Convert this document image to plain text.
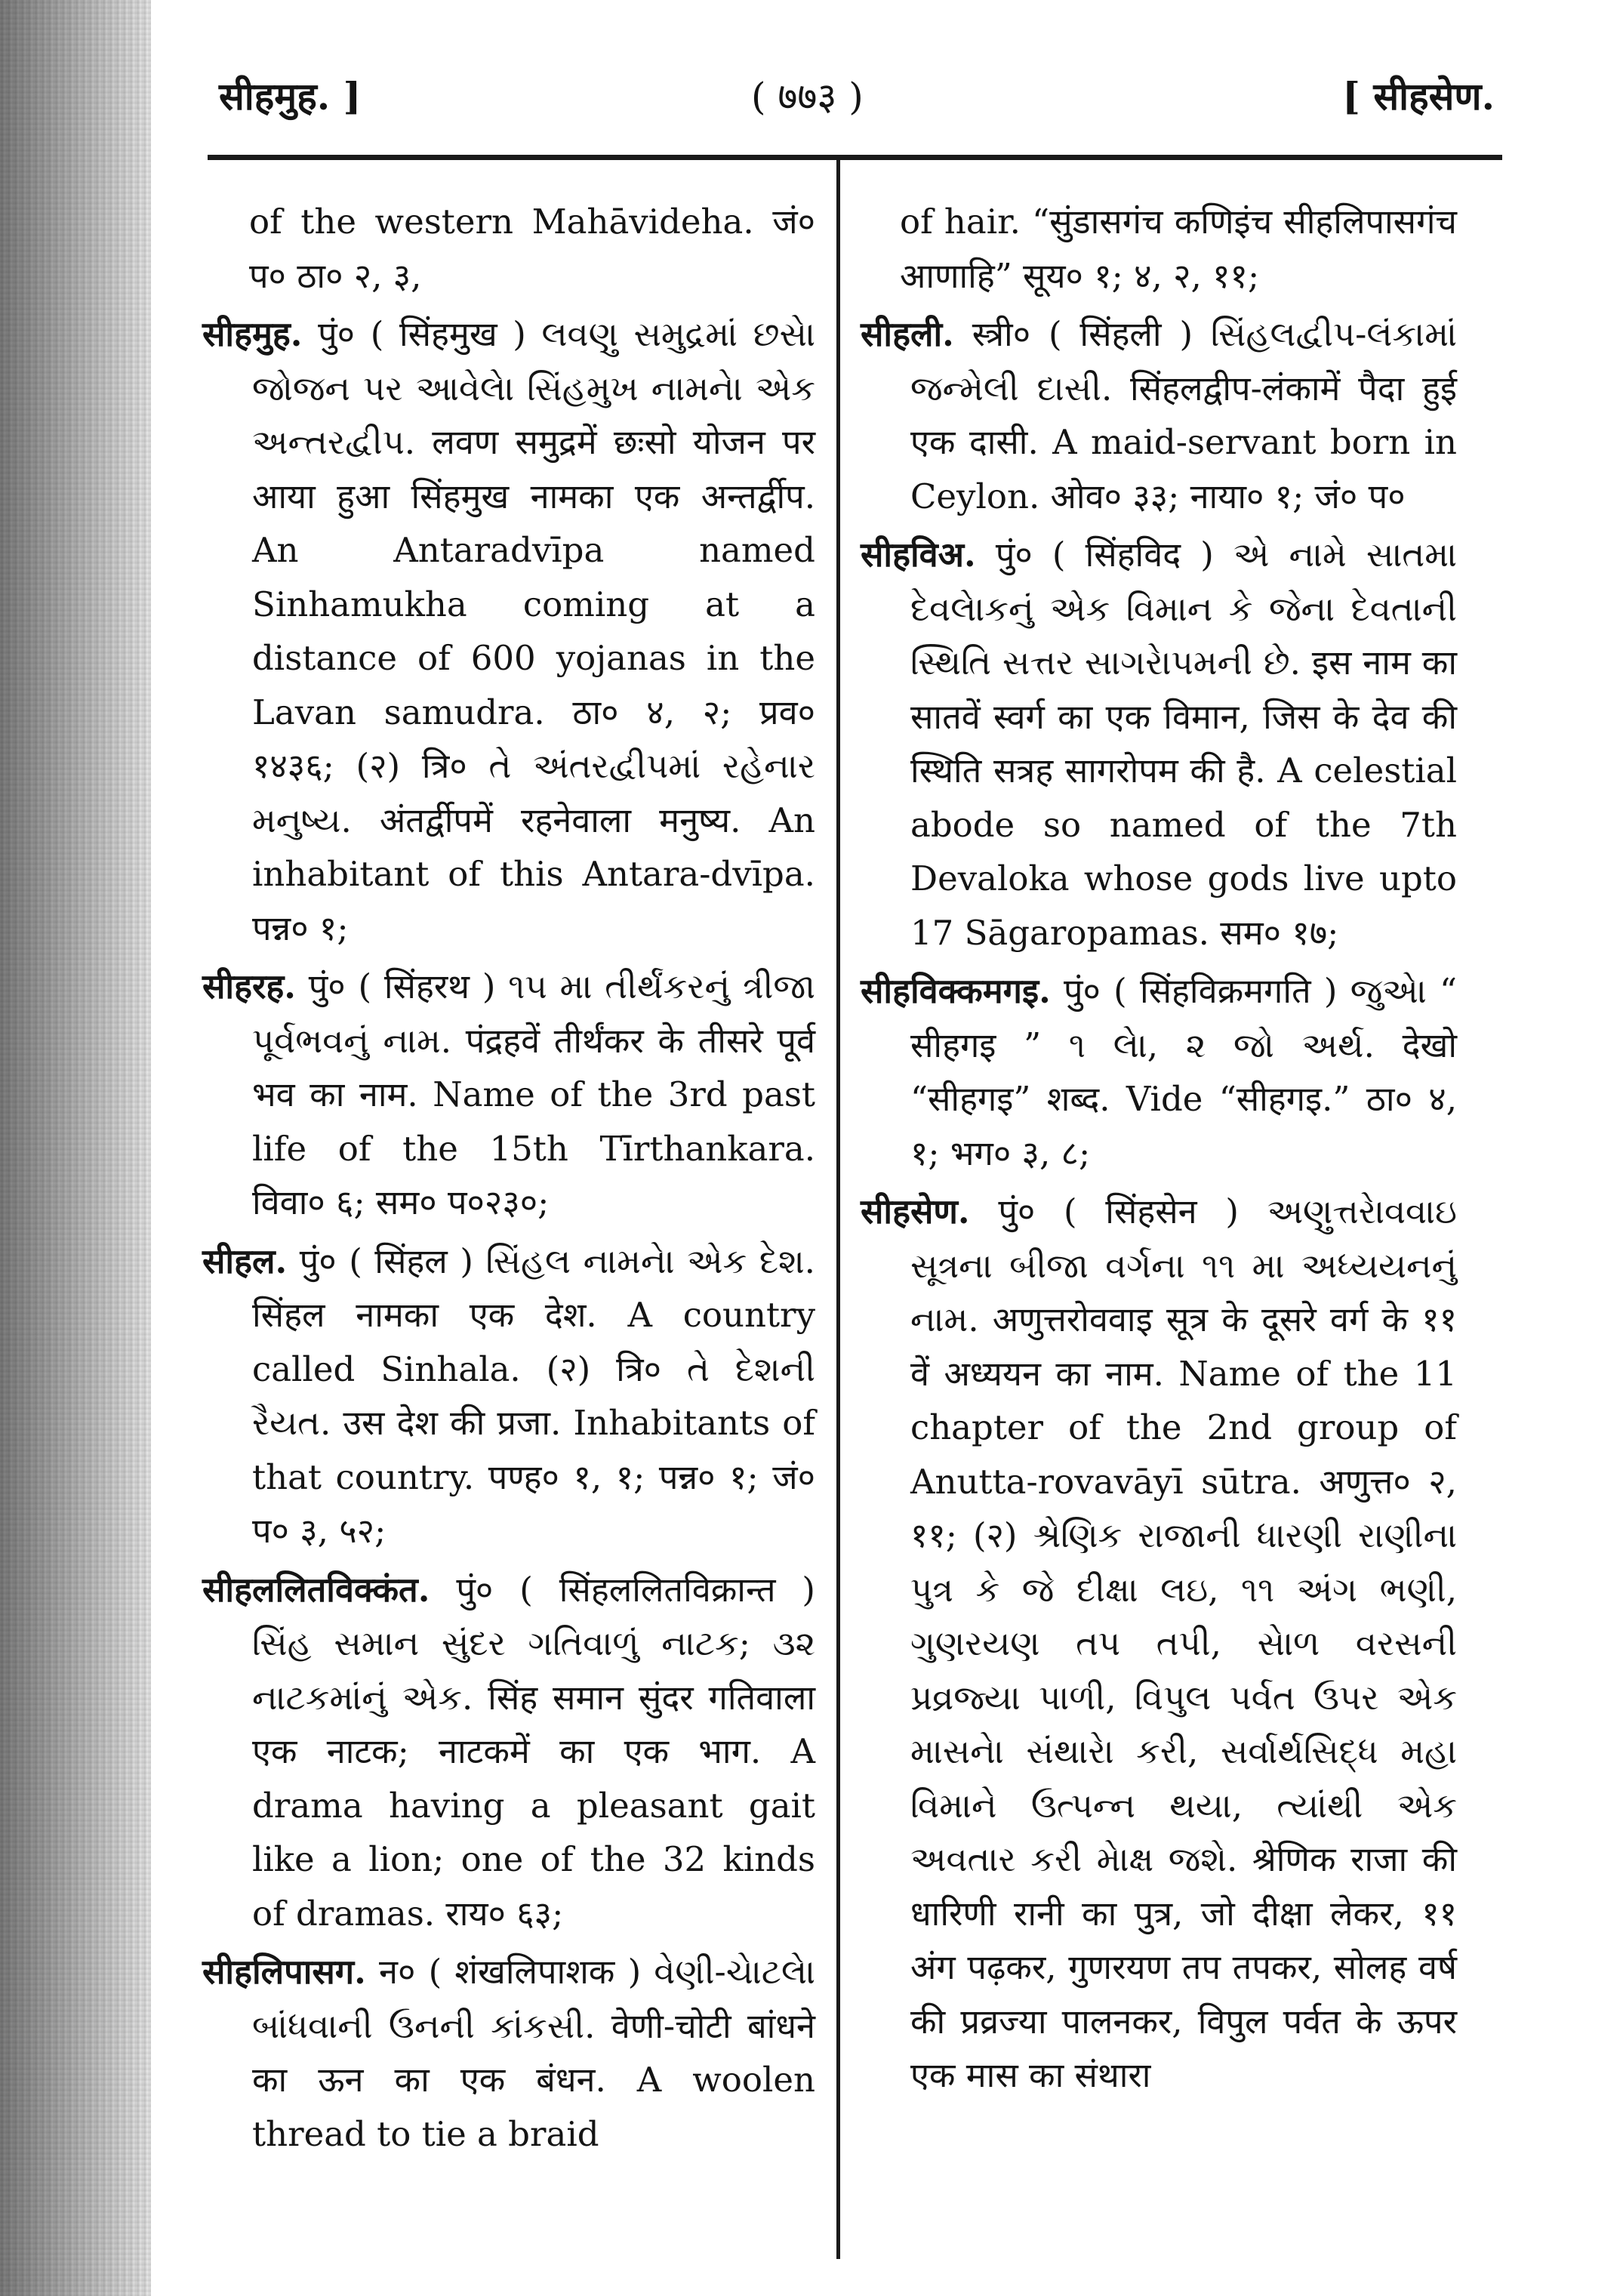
सीहमुह. ]	( ७७३ )	[ सीहसेण.

of the western Mahāvideha. जं० प० ठा० २, ३,

सीहमुह. पुं० ( सिंहमुख ) લવણુ સમુદ્રમાં છસેા જોજન પર આવેલેા સિંહમુખ નામનેા એક અન્તરદ્વીપ. लवण समुद्रमें छःसो योजन पर आया हुआ सिंहमुख नामका एक अन्तर्द्वीप. An Antaradvīpa named Sinhamukha coming at a distance of 600 yojanas in the Lavan samudra. ठा० ४, २; प्रव० १४३६; (२) त्रि० તે અંતરદ્વીપમાં રહેનાર મનુષ્ય. अंतर्द्वीपमें रहनेवाला मनुष्य. An inhabitant of this Antara-dvīpa. पन्न० १;

सीहरह. पुं० ( सिंहरथ ) ૧૫ મા તીર્થંકરનું ત્રીજા પૂર્વભવનું નામ. पंद्रहवें तीर्थंकर के तीसरे पूर्व भव का नाम. Name of the 3rd past life of the 15th Tīrthankara. विवा० ६; सम० प०२३०;

सीहल. पुं० ( सिंहल ) સિંહલ નામનેા એક દેશ. सिंहल नामका एक देश. A country called Sinhala. (२) त्रि० તે દેશની રૈયત. उस देश की प्रजा. Inhabitants of that country. पण्ह० १, १; पन्न० १; जं० प० ३, ५२;

सीहललितविक्कंत. पुं० ( सिंहललितविक्रान्त ) સિંહ સમાન સુંદર ગતિવાળું નાટક; ૩૨ નાટકમાંનું એક. सिंह समान सुंदर गतिवाला एक नाटक; नाटकमें का एक भाग. A drama having a pleasant gait like a lion; one of the 32 kinds of dramas. राय० ६३;

सीहलिपासग. न० ( शंखलिपाशक ) વેણી-ચેાટલેા બાંધવાની ઉનની કાંકસી. वेणी-चोटी बांधने का ऊन का एक बंधन. A woolen thread to tie a braid

of hair. “सुंडासगंच कणिइंच सीहलिपासगंच आणाहि” सूय० १; ४, २, ११;

सीहली. स्त्री० ( सिंहली ) સિંહલદ્વીપ-લંકામાં જન્મેલી દાસી. सिंहलद्वीप-लंकामें पैदा हुई एक दासी. A maid-servant born in Ceylon. ओव० ३३; नाया० १; जं० प०

सीहविअ. पुं० ( सिंहविद ) એ નામે સાતમા દેવલેાકનું એક વિમાન કે જેના દેવતાની સ્થિતિ સત્તર સાગરેાપમની છે. इस नाम का सातवें स्वर्ग का एक विमान, जिस के देव की स्थिति सत्रह सागरोपम की है. A celestial abode so named of the 7th Devaloka whose gods live upto 17 Sāgaropamas. सम० १७;

सीहविक्कमगइ. पुं० ( सिंहविक्रमगति ) જુએા “ सीहगइ ” ૧ લેા, ૨ જો અર્થ. देखो “सीहगइ” शब्द. Vide “सीहगइ.” ठा० ४, १; भग० ३, ८;

सीहसेण. पुं० ( सिंहसेन ) અણુત્તરેાવવાઇ સૂત્રના બીજા વર્ગના ૧૧ મા અધ્યયનનું નામ. अणुत्तरोववाइ सूत्र के दूसरे वर्ग के ११ वें अध्ययन का नाम. Name of the 11 chapter of the 2nd group of Anutta-rovavāyī sūtra. अणुत्त० २, ११; (२) શ્રેણિક રાજાની ધારણી રાણીના પુત્ર કે જે દીક્ષા લઇ, ૧૧ અંગ ભણી, ગુણરયણ તપ તપી, સેાળ વરસની પ્રવ્રજ્યા પાળી, વિપુલ પર્વત ઉપર એક માસનેા સંથારેા કરી, સર્વાર્થસિદ્ધ મહા વિમાને ઉત્પન્ન થયા, ત્યાંથી એક અવતાર કરી મેાક્ષ જશે. श्रेणिक राजा की धारिणी रानी का पुत्र, जो दीक्षा लेकर, ११ अंग पढ़कर, गुणरयण तप तपकर, सोलह वर्ष की प्रव्रज्या पालनकर, विपुल पर्वत के ऊपर एक मास का संथारा
